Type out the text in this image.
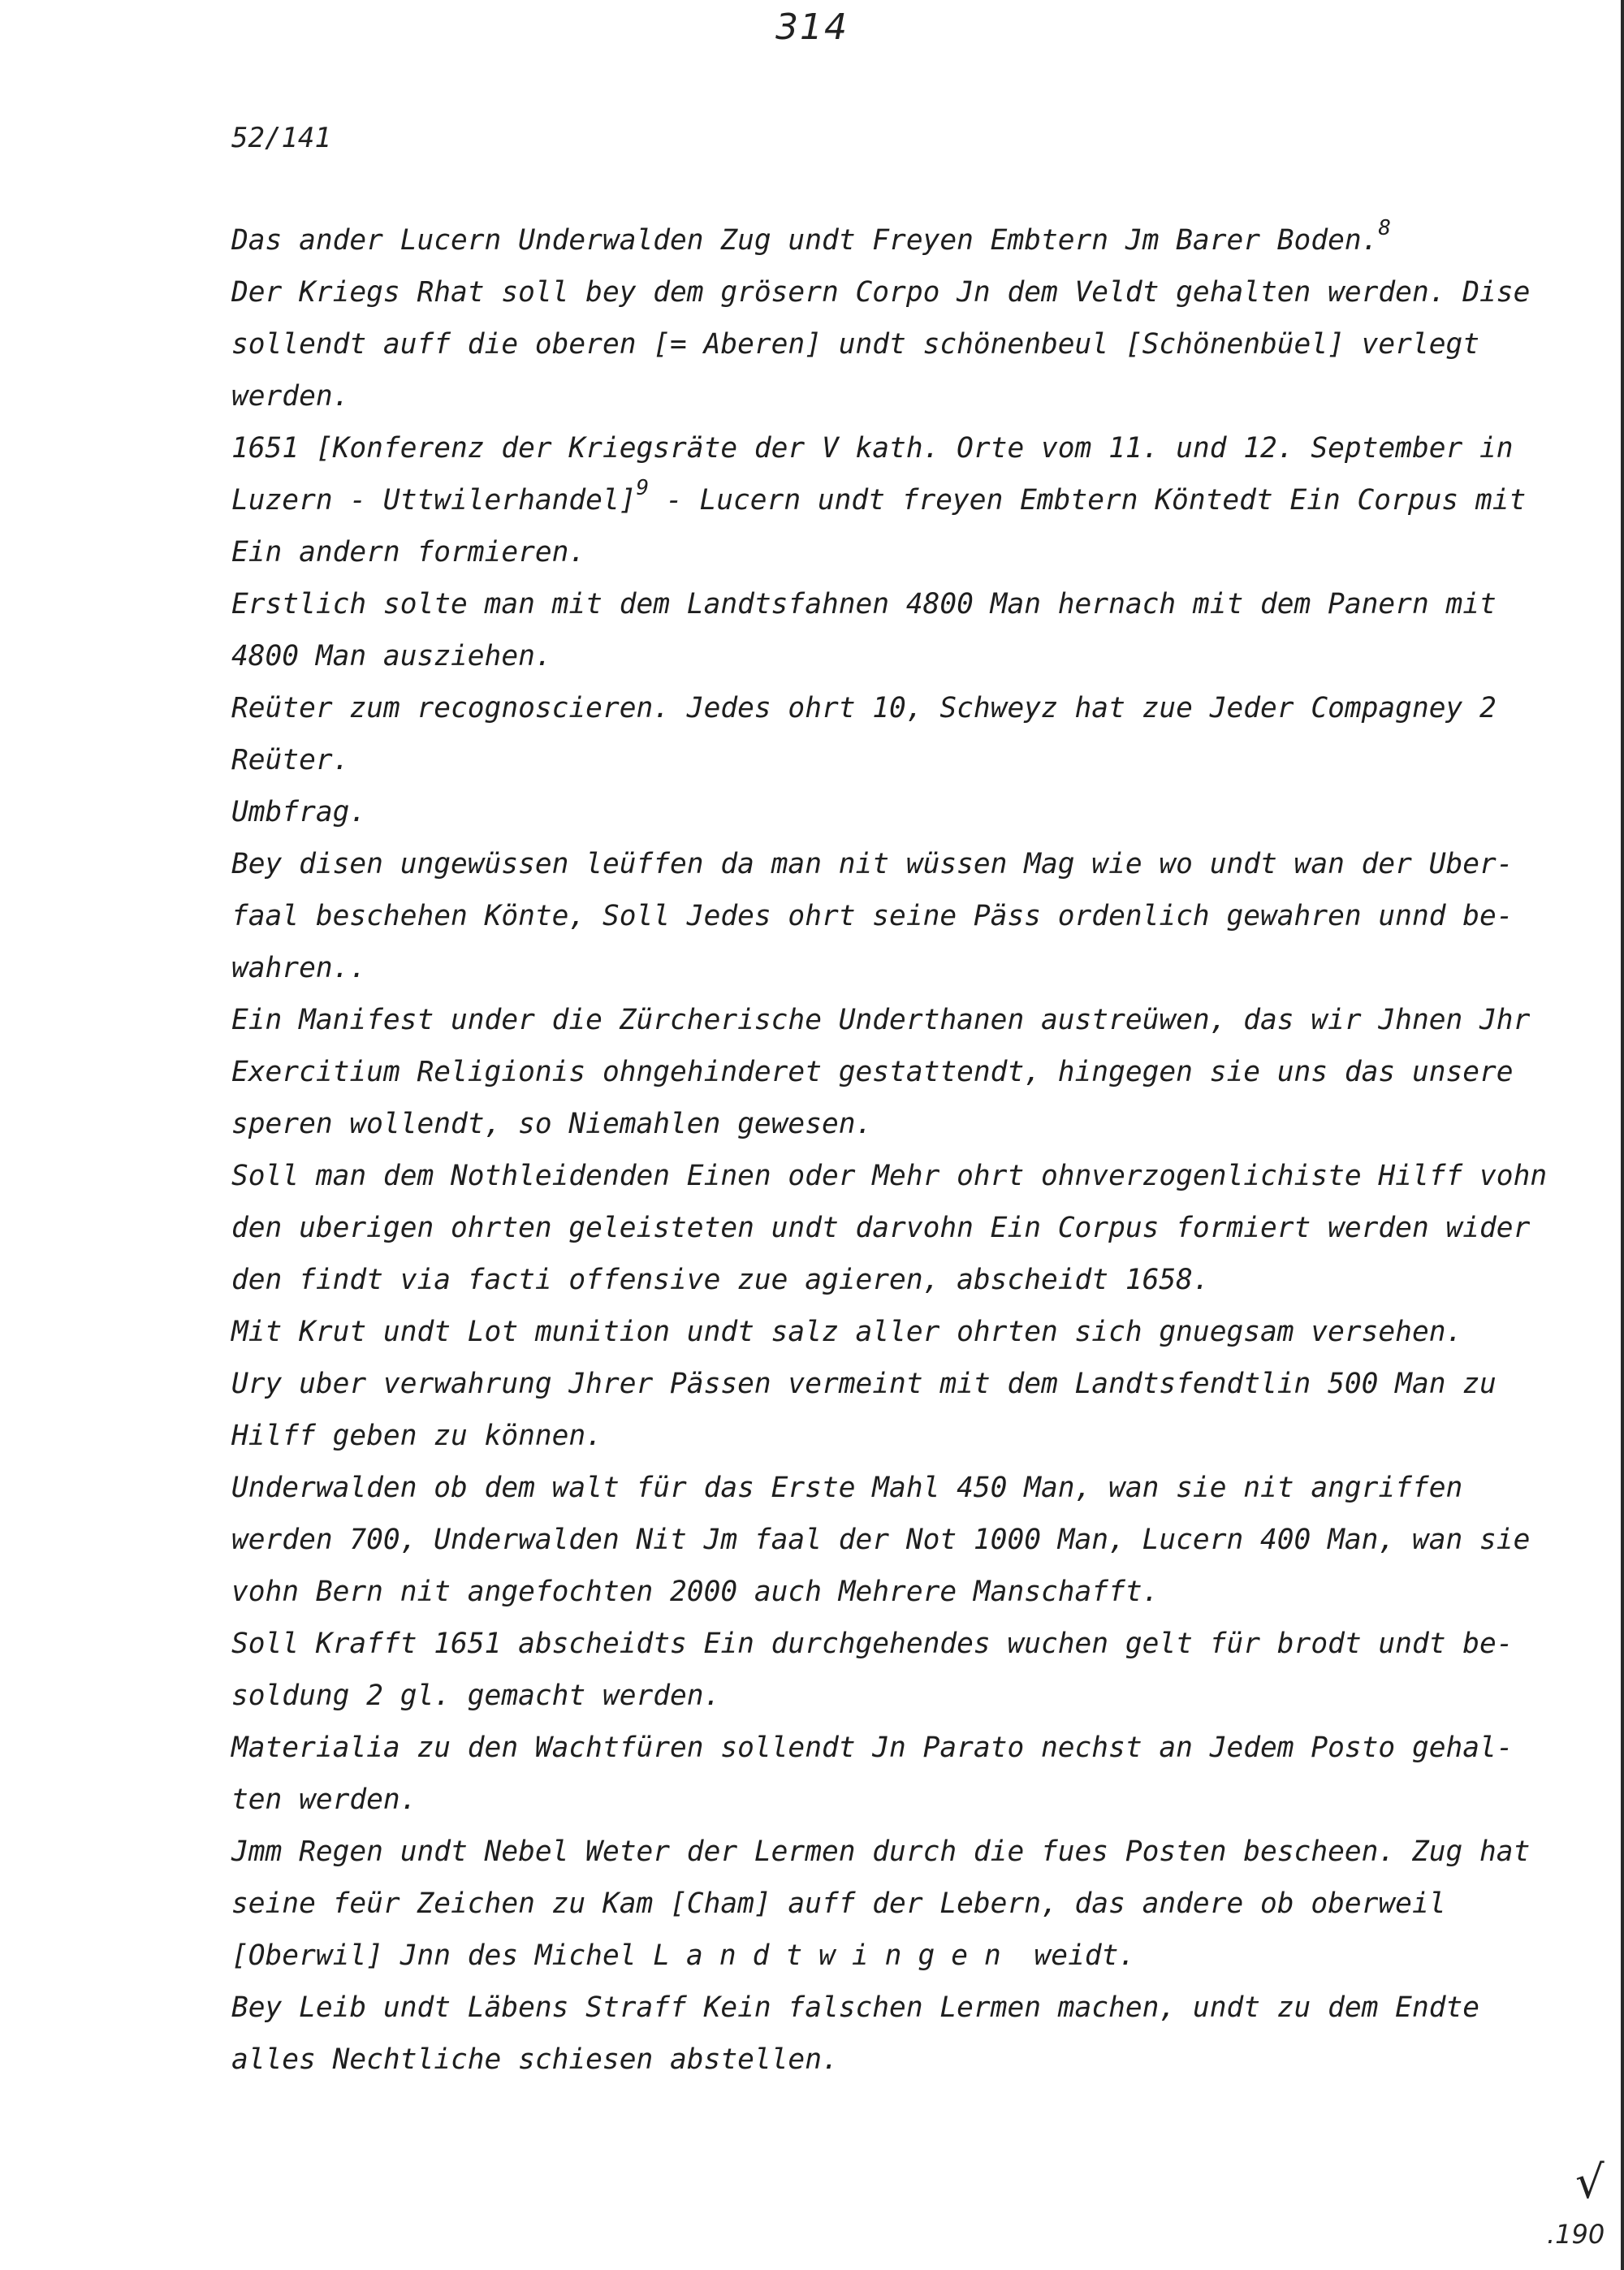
314
52/141
Das ander Lucern Underwalden Zug undt Freyen Embtern Jm Barer Boden.$^8$
Der Kriegs Rhat soll bey dem grösern Corpo Jn dem Veldt gehalten werden. Dise
sollendt auff die oberen [= Aberen] undt schönenbeul [Schönenbüel] verlegt
werden.
1651 [Konferenz der Kriegsräte der V kath. Orte vom 11. und 12. September in
Luzern - Uttwilerhandel]$^9$ - Lucern undt freyen Embtern Köntedt Ein Corpus mit
Ein andern formieren.
Erstlich solte man mit dem Landtsfahnen 4800 Man hernach mit dem Panern mit
4800 Man ausziehen.
Reüter zum recognoscieren. Jedes ohrt 10, Schweyz hat zue Jeder Compagney 2
Reüter.
Umbfrag.
Bey disen ungewüssen leüffen da man nit wüssen Mag wie wo undt wan der Uber-
faal beschehen Könte, Soll Jedes ohrt seine Päss ordenlich gewahren unnd be-
wahren..
Ein Manifest under die Zürcherische Underthanen austreüwen, das wir Jhnen Jhr
Exercitium Religionis ohngehinderet gestattendt, hingegen sie uns das unsere
speren wollendt, so Niemahlen gewesen.
Soll man dem Nothleidenden Einen oder Mehr ohrt ohnverzogenlichiste Hilff vohn
den uberigen ohrten geleisteten undt darvohn Ein Corpus formiert werden wider
den findt via facti offensive zue agieren, abscheidt 1658.
Mit Krut undt Lot munition undt salz aller ohrten sich gnuegsam versehen.
Ury uber verwahrung Jhrer Pässen vermeint mit dem Landtsfendtlin 500 Man zu
Hilff geben zu können.
Underwalden ob dem walt für das Erste Mahl 450 Man, wan sie nit angriffen
werden 700, Underwalden Nit Jm faal der Not 1000 Man, Lucern 400 Man, wan sie
vohn Bern nit angefochten 2000 auch Mehrere Manschafft.
Soll Krafft 1651 abscheidts Ein durchgehendes wuchen gelt für brodt undt be-
soldung 2 gl. gemacht werden.
Materialia zu den Wachtfüren sollendt Jn Parato nechst an Jedem Posto gehal-
ten werden.
Jmm Regen undt Nebel Weter der Lermen durch die fues Posten bescheen. Zug hat
seine feür Zeichen zu Kam [Cham] auff der Lebern, das andere ob oberweil
[Oberwil] Jnn des Michel Landtwingen weidt.
Bey Leib undt Läbens Straff Kein falschen Lermen machen, undt zu dem Endte
alles Nechtliche schiesen abstellen.
√
.190
